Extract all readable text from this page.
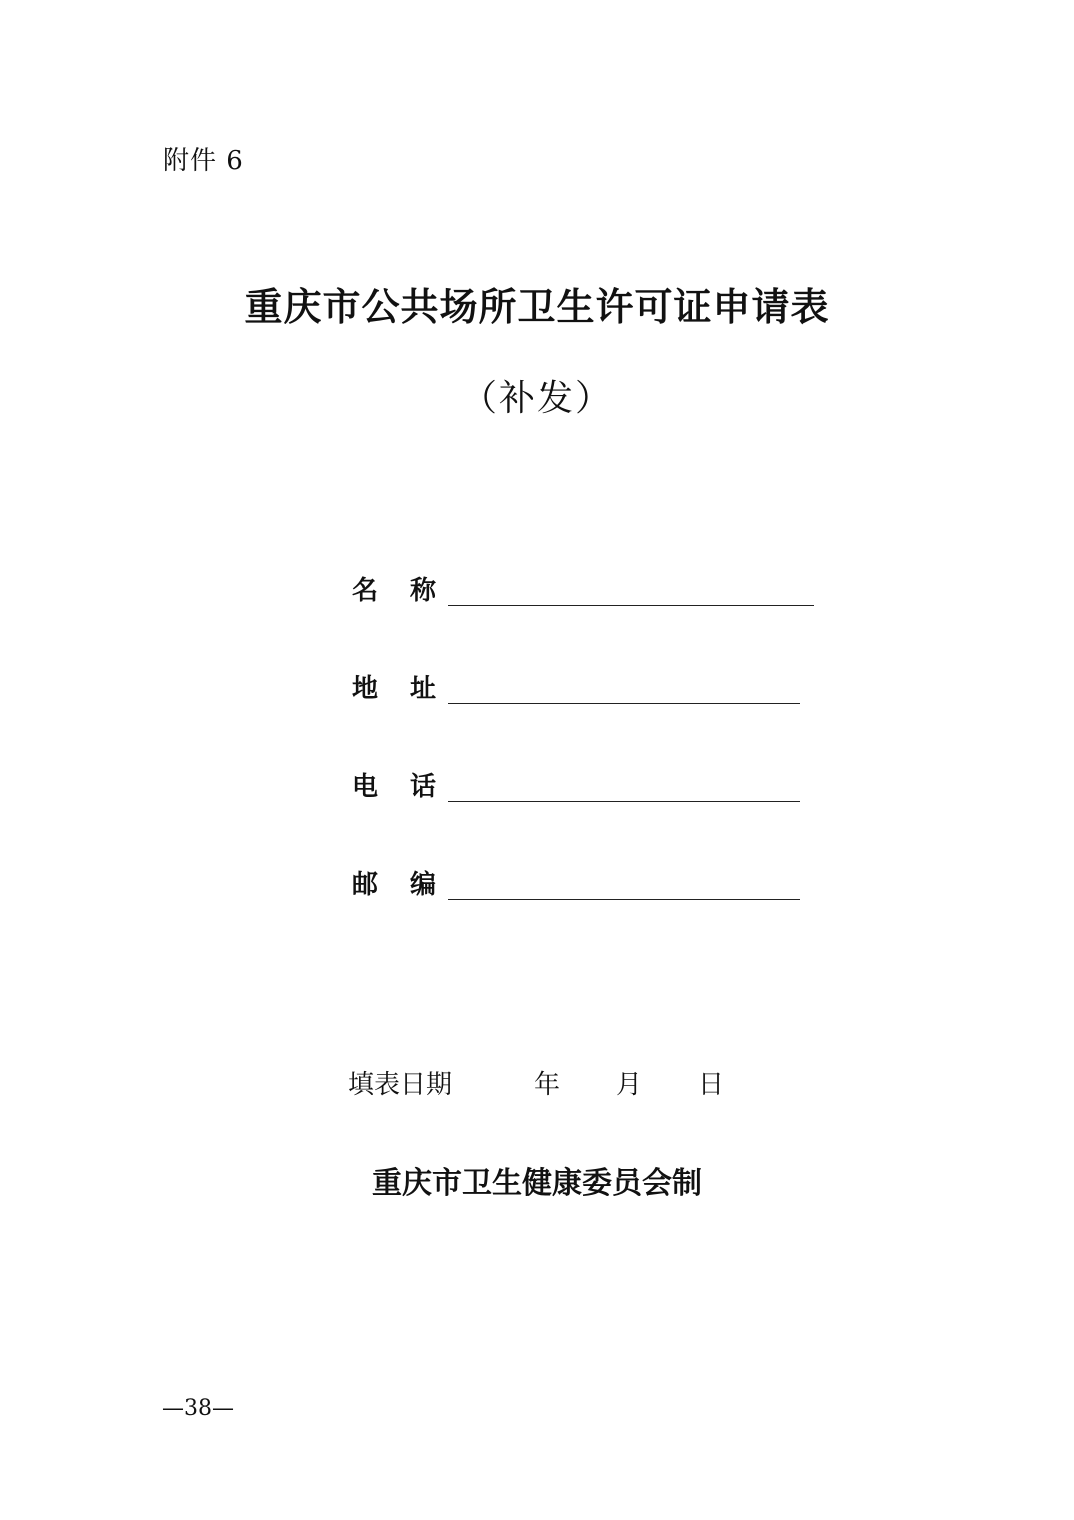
附件 6
重庆市公共场所卫生许可证申请表
（补发）
名 称
地 址
电 话
邮 编
填表日期	年 月 日
重庆市卫生健康委员会制
—38—
